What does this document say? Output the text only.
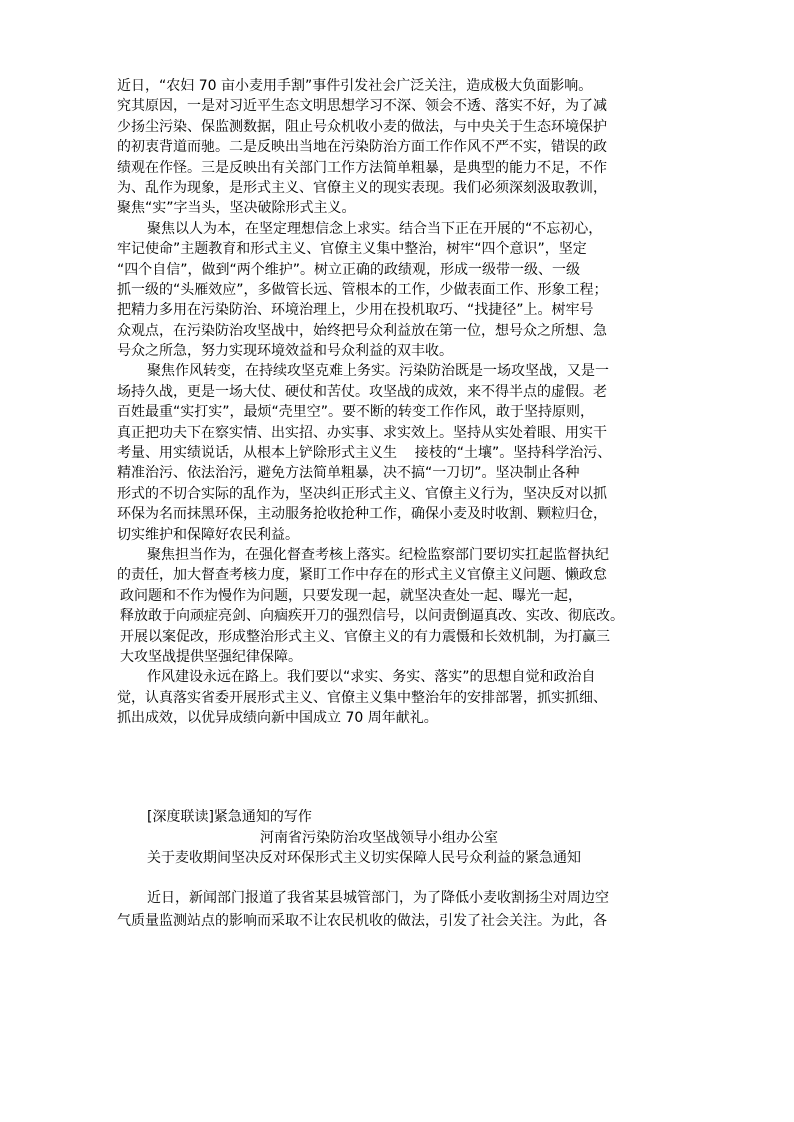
近日，“农妇 70 亩小麦用手割”事件引发社会广泛关注，造成极大负面影响。
究其原因，一是对习近平生态文明思想学习不深、领会不透、落实不好，为了减
少扬尘污染、保监测数据，阻止号众机收小麦的做法，与中央关于生态环境保护
的初衷背道而驰。二是反映出当地在污染防治方面工作作风不严不实，错误的政
绩观在作怪。三是反映出有关部门工作方法简单粗暴，是典型的能力不足，不作
为、乱作为现象，是形式主义、官僚主义的现实表现。我们必须深刻汲取教训，
聚焦“实”字当头，坚决破除形式主义。
聚焦以人为本，在坚定理想信念上求实。结合当下正在开展的“不忘初心，
牢记使命”主题教育和形式主义、官僚主义集中整治，树牢“四个意识”，坚定
“四个自信”，做到“两个维护”。树立正确的政绩观，形成一级带一级、一级
抓一级的“头雁效应”，多做管长远、管根本的工作，少做表面工作、形象工程；
把精力多用在污染防治、环境治理上，少用在投机取巧、“找捷径”上。树牢号
众观点，在污染防治攻坚战中，始终把号众利益放在第一位，想号众之所想、急
号众之所急，努力实现环境效益和号众利益的双丰收。
聚焦作风转变，在持续攻坚克难上务实。污染防治既是一场攻坚战，又是一
场持久战，更是一场大仗、硬仗和苦仗。攻坚战的成效，来不得半点的虚假。老
百姓最重“实打实”，最烦“壳里空”。要不断的转变工作作风，敢于坚持原则，
真正把功夫下在察实情、出实招、办实事、求实效上。坚持从实处着眼、用实干
考量、用实绩说话，从根本上铲除形式主义生    接枝的“土壤”。坚持科学治污、
精准治污、依法治污，避免方法简单粗暴，决不搞“一刀切”。坚决制止各种
形式的不切合实际的乱作为，坚决纠正形式主义、官僚主义行为，坚决反对以抓
环保为名而抹黑环保，主动服务抢收抢种工作，确保小麦及时收割、颗粒归仓，
切实维护和保障好农民利益。
聚焦担当作为，在强化督查考核上落实。纪检监察部门要切实扛起监督执纪
的责任，加大督查考核力度，紧盯工作中存在的形式主义官僚主义问题、懒政怠
政问题和不作为慢作为问题，只要发现一起，就坚决查处一起、曝光一起，
释放敢于向顽症亮剑、向痼疾开刀的强烈信号，以问责倒逼真改、实改、彻底改。
开展以案促改，形成整治形式主义、官僚主义的有力震慑和长效机制，为打赢三
大攻坚战提供坚强纪律保障。
作风建设永远在路上。我们要以“求实、务实、落实”的思想自觉和政治自
觉，认真落实省委开展形式主义、官僚主义集中整治年的安排部署，抓实抓细、
抓出成效，以优异成绩向新中国成立 70 周年献礼。
[深度联读]紧急通知的写作
河南省污染防治攻坚战领导小组办公室
关于麦收期间坚决反对环保形式主义切实保障人民号众利益的紧急通知
近日，新闻部门报道了我省某县城管部门，为了降低小麦收割扬尘对周边空
气质量监测站点的影响而采取不让农民机收的做法，引发了社会关注。为此，各
